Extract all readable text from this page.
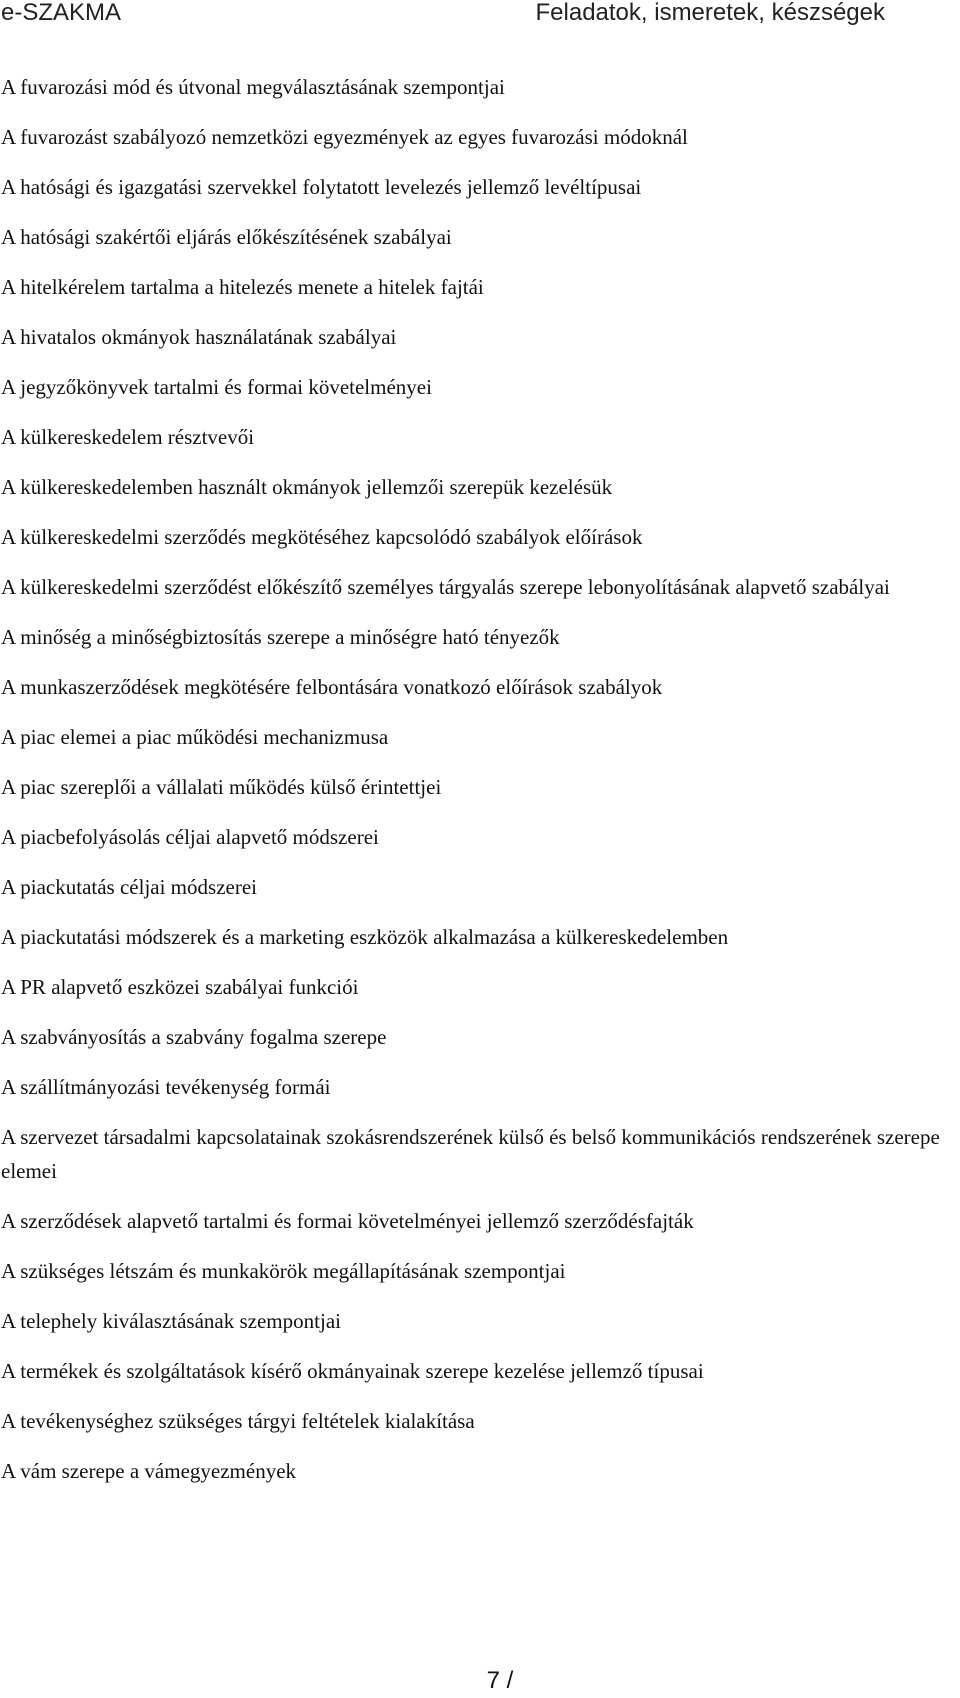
e-SZAKMA	Feladatok, ismeretek, készségek

A fuvarozási mód és útvonal megválasztásának szempontjai

A fuvarozást szabályozó nemzetközi egyezmények az egyes fuvarozási módoknál

A hatósági és igazgatási szervekkel folytatott levelezés jellemző levéltípusai

A hatósági szakértői eljárás előkészítésének szabályai

A hitelkérelem tartalma a hitelezés menete a hitelek fajtái

A hivatalos okmányok használatának szabályai

A jegyzőkönyvek tartalmi és formai követelményei

A külkereskedelem résztvevői

A külkereskedelemben használt okmányok jellemzői szerepük kezelésük

A külkereskedelmi szerződés megkötéséhez kapcsolódó szabályok előírások

A külkereskedelmi szerződést előkészítő személyes tárgyalás szerepe lebonyolításának alapvető szabályai

A minőség a minőségbiztosítás szerepe a minőségre ható tényezők

A munkaszerződések megkötésére felbontására vonatkozó előírások szabályok

A piac elemei a piac működési mechanizmusa

A piac szereplői a vállalati működés külső érintettjei

A piacbefolyásolás céljai alapvető módszerei

A piackutatás céljai módszerei

A piackutatási módszerek és a marketing eszközök alkalmazása a külkereskedelemben

A PR alapvető eszközei szabályai funkciói

A szabványosítás a szabvány fogalma szerepe

A szállítmányozási tevékenység formái

A szervezet társadalmi kapcsolatainak szokásrendszerének külső és belső kommunikációs rendszerének szerepe elemei

A szerződések alapvető tartalmi és formai követelményei jellemző szerződésfajták

A szükséges létszám és munkakörök megállapításának szempontjai

A telephely kiválasztásának szempontjai

A termékek és szolgáltatások kísérő okmányainak szerepe kezelése jellemző típusai

A tevékenységhez szükséges tárgyi feltételek kialakítása

A vám szerepe a vámegyezmények

7 /
